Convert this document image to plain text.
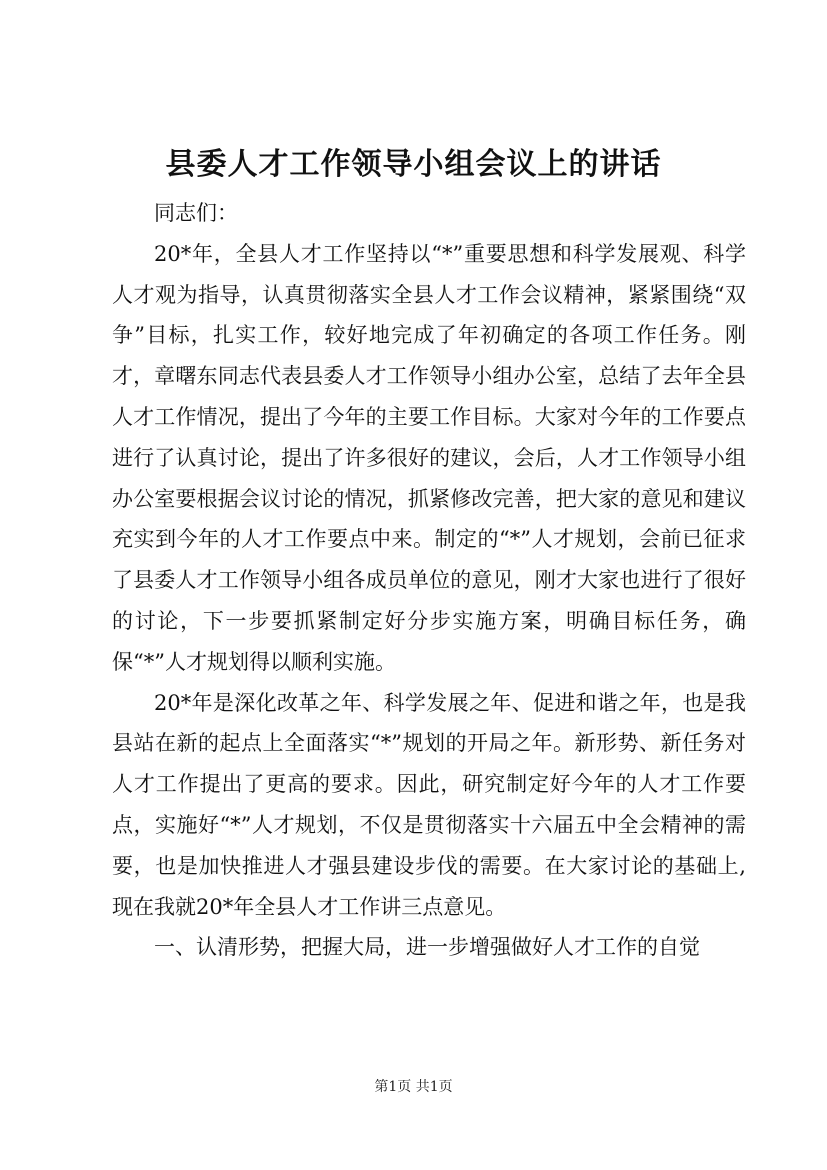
县委人才工作领导小组会议上的讲话

同志们：

20*年，全县人才工作坚持以“*”重要思想和科学发展观、科学人才观为指导，认真贯彻落实全县人才工作会议精神，紧紧围绕“双争”目标，扎实工作，较好地完成了年初确定的各项工作任务。刚才，章曙东同志代表县委人才工作领导小组办公室，总结了去年全县人才工作情况，提出了今年的主要工作目标。大家对今年的工作要点进行了认真讨论，提出了许多很好的建议，会后，人才工作领导小组办公室要根据会议讨论的情况，抓紧修改完善，把大家的意见和建议充实到今年的人才工作要点中来。制定的“*”人才规划，会前已征求了县委人才工作领导小组各成员单位的意见，刚才大家也进行了很好的讨论，下一步要抓紧制定好分步实施方案，明确目标任务，确保“*”人才规划得以顺利实施。

20*年是深化改革之年、科学发展之年、促进和谐之年，也是我县站在新的起点上全面落实“*”规划的开局之年。新形势、新任务对人才工作提出了更高的要求。因此，研究制定好今年的人才工作要点，实施好“*”人才规划，不仅是贯彻落实十六届五中全会精神的需要，也是加快推进人才强县建设步伐的需要。在大家讨论的基础上,现在我就20*年全县人才工作讲三点意见。

一、认清形势，把握大局，进一步增强做好人才工作的自觉

第1页 共1页
